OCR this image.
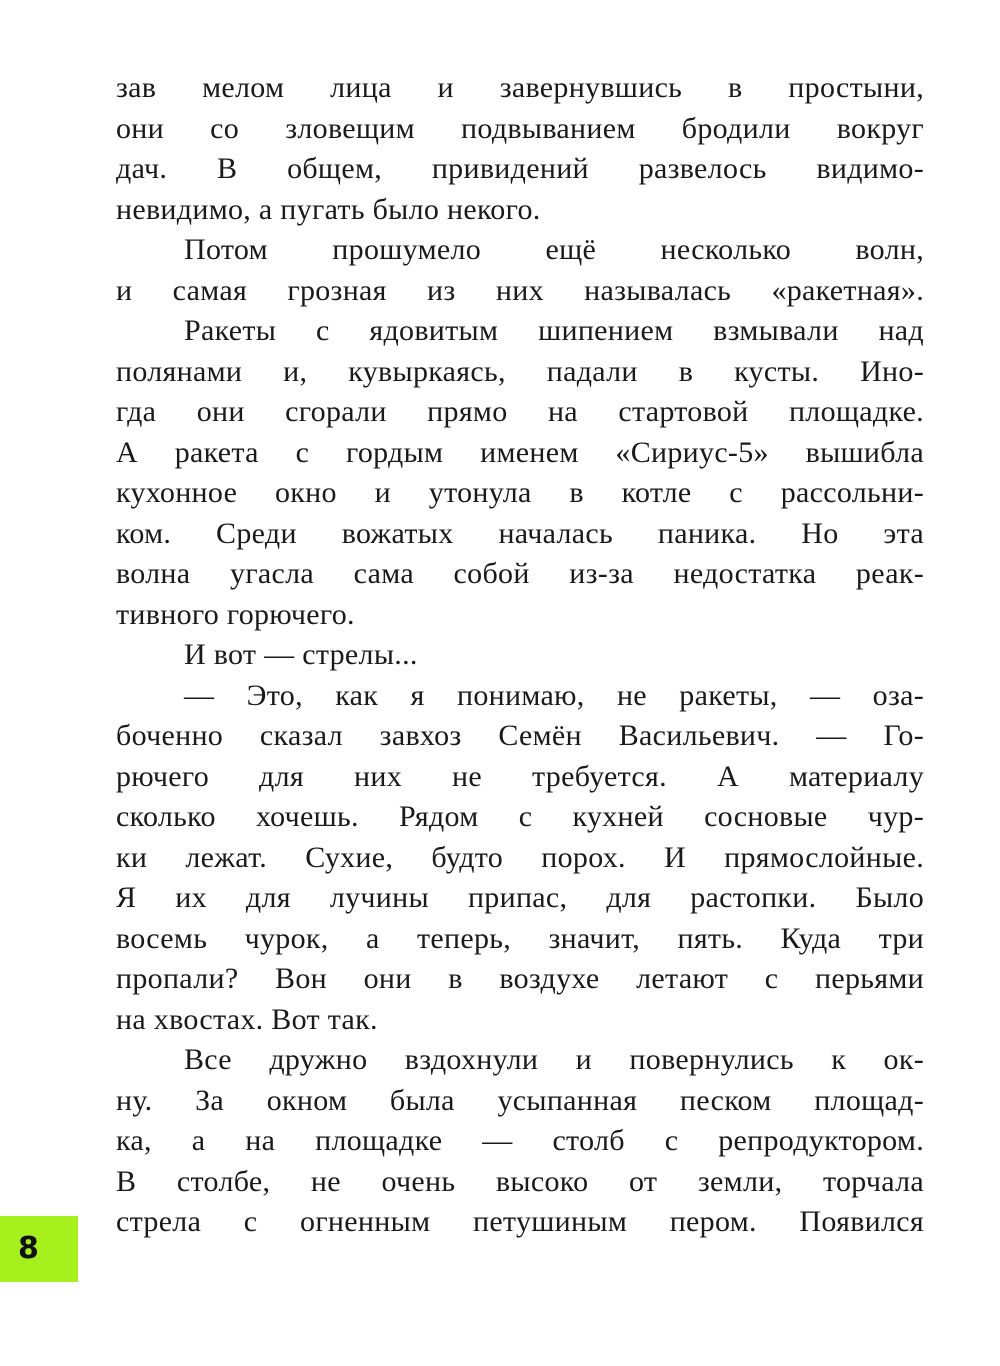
зав мелом лица и завернувшись в простыни,
они со зловещим подвыванием бродили вокруг
дач. В общем, привидений развелось видимо-
невидимо, а пугать было некого.
Потом прошумело ещё несколько волн,
и самая грозная из них называлась «ракетная».
Ракеты с ядовитым шипением взмывали над
полянами и, кувыркаясь, падали в кусты. Ино-
гда они сгорали прямо на стартовой площадке.
А ракета с гордым именем «Сириус-5» вышибла
кухонное окно и утонула в котле с рассольни-
ком. Среди вожатых началась паника. Но эта
волна угасла сама собой из-за недостатка реак-
тивного горючего.
И вот — стрелы...
— Это, как я понимаю, не ракеты, — оза-
боченно сказал завхоз Семён Васильевич. — Го-
рючего для них не требуется. А материалу
сколько хочешь. Рядом с кухней сосновые чур-
ки лежат. Сухие, будто порох. И прямослойные.
Я их для лучины припас, для растопки. Было
восемь чурок, а теперь, значит, пять. Куда три
пропали? Вон они в воздухе летают с перьями
на хвостах. Вот так.
Все дружно вздохнули и повернулись к ок-
ну. За окном была усыпанная песком площад-
ка, а на площадке — столб с репродуктором.
В столбе, не очень высоко от земли, торчала
стрела с огненным петушиным пером. Появился
8
